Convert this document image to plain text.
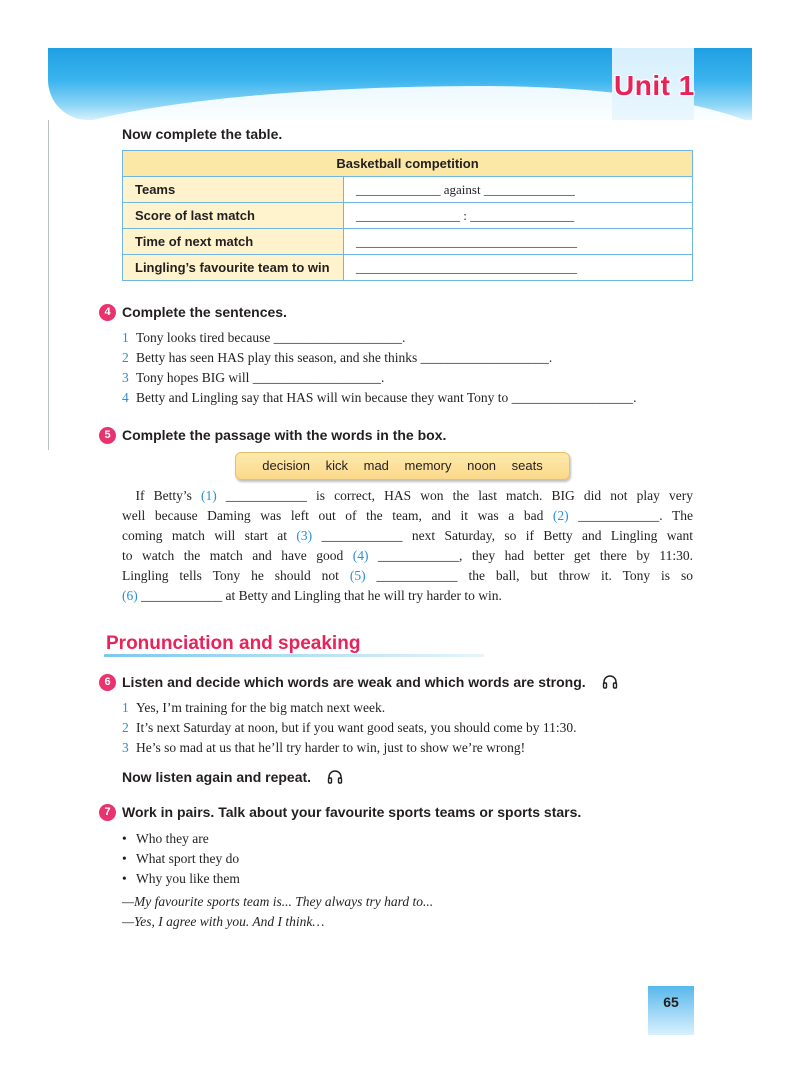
Unit 1
Now complete the table.
Basketball competition	
Teams	_____________ against ______________
Score of last match	________________ : ________________
Time of next match	__________________________________
Lingling’s favourite team to win	__________________________________
4 Complete the sentences.
1 Tony looks tired because ___________________.
2 Betty has seen HAS play this season, and she thinks ___________________.
3 Tony hopes BIG will ___________________.
4 Betty and Lingling say that HAS will win because they want Tony to __________________.
5 Complete the passage with the words in the box.
decision kick mad memory noon seats
 If Betty’s (1) ____________ is correct, HAS won the last match. BIG did not play very
well because Daming was left out of the team, and it was a bad (2) ____________. The
coming match will start at (3) ____________ next Saturday, so if Betty and Lingling want
to watch the match and have good (4) ____________, they had better get there by 11:30.
Lingling tells Tony he should not (5) ____________ the ball, but throw it. Tony is so
(6) ____________ at Betty and Lingling that he will try harder to win.
Pronunciation and speaking
6 Listen and decide which words are weak and which words are strong.
1 Yes, I’m training for the big match next week.
2 It’s next Saturday at noon, but if you want good seats, you should come by 11:30.
3 He’s so mad at us that he’ll try harder to win, just to show we’re wrong!
Now listen again and repeat.
7 Work in pairs. Talk about your favourite sports teams or sports stars.
• Who they are
• What sport they do
• Why you like them
—My favourite sports team is... They always try hard to...
—Yes, I agree with you. And I think…
65
